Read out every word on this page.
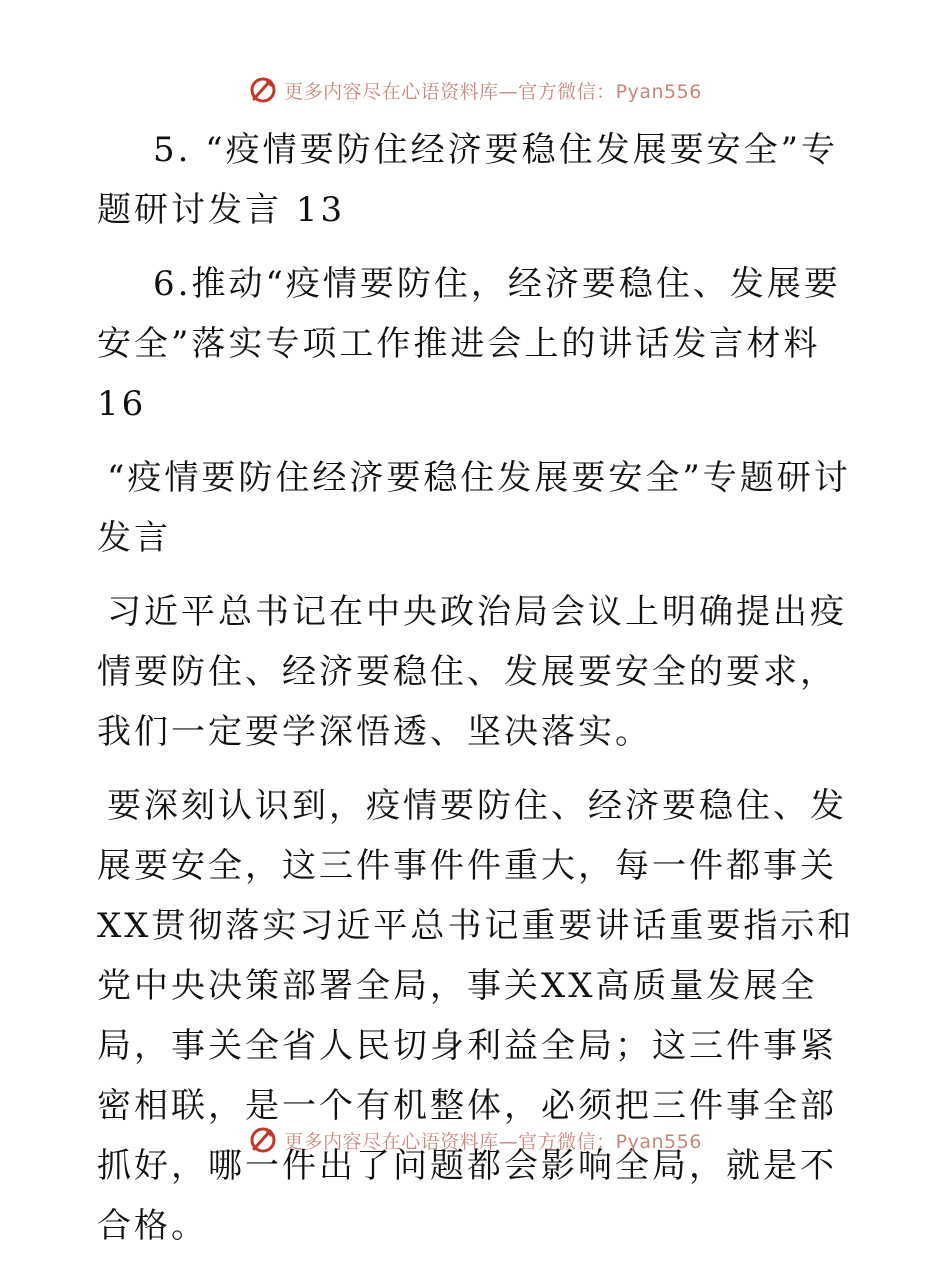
更多内容尽在心语资料库—官方微信：Pyan556

5. “疫情要防住经济要稳住发展要安全”专题研讨发言 13

6.推动“疫情要防住，经济要稳住、发展要安全”落实专项工作推进会上的讲话发言材料 16

“疫情要防住经济要稳住发展要安全”专题研讨发言

习近平总书记在中央政治局会议上明确提出疫情要防住、经济要稳住、发展要安全的要求，我们一定要学深悟透、坚决落实。

要深刻认识到，疫情要防住、经济要稳住、发展要安全，这三件事件件重大，每一件都事关XX贯彻落实习近平总书记重要讲话重要指示和党中央决策部署全局，事关XX高质量发展全局，事关全省人民切身利益全局；这三件事紧密相联，是一个有机整体，必须把三件事全部抓好，哪一件出了问题都会影响全局，就是不合格。

更多内容尽在心语资料库—官方微信：Pyan556
